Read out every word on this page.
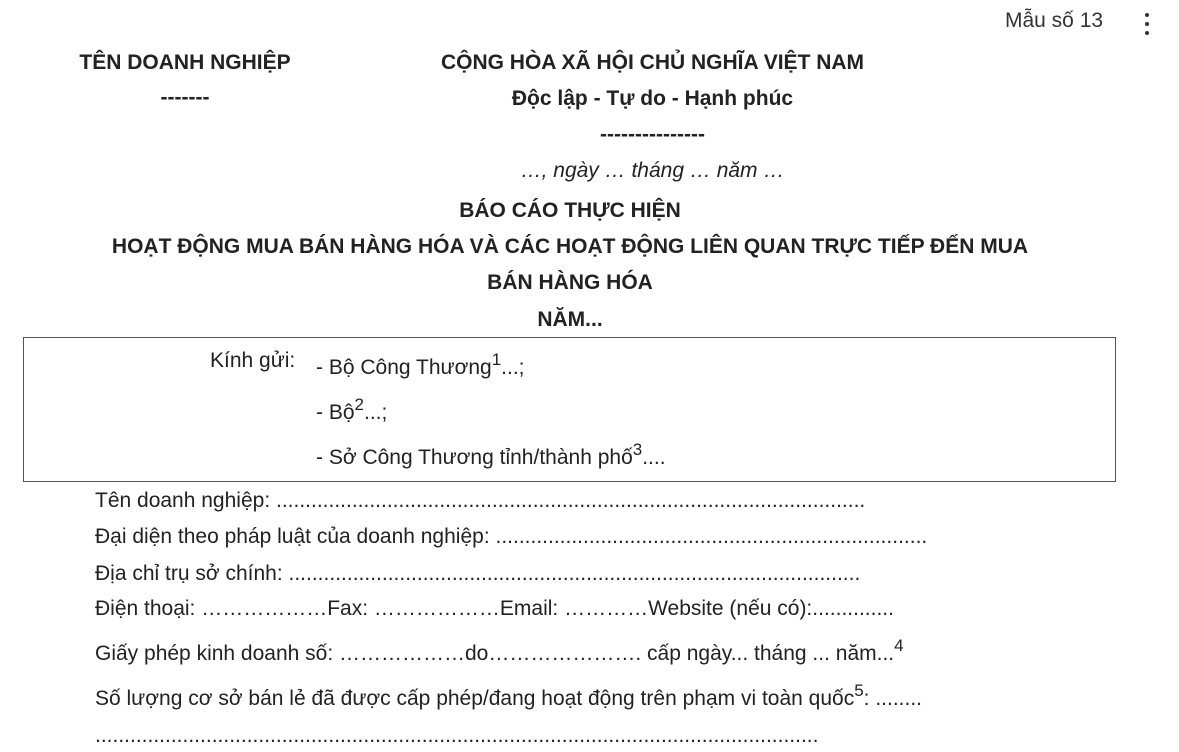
Mẫu số 13
TÊN DOANH NGHIỆP
-------
CỘNG HÒA XÃ HỘI CHỦ NGHĨA VIỆT NAM
Độc lập - Tự do - Hạnh phúc
---------------
…, ngày … tháng … năm …
BÁO CÁO THỰC HIỆN
HOẠT ĐỘNG MUA BÁN HÀNG HÓA VÀ CÁC HOẠT ĐỘNG LIÊN QUAN TRỰC TIẾP ĐẾN MUA
BÁN HÀNG HÓA
NĂM...
Kính gửi: - Bộ Công Thương$^1$...;
- Bộ$^2$...;
- Sở Công Thương tỉnh/thành phố$^3$....
Tên doanh nghiệp: .....................................................................................................
Đại diện theo pháp luật của doanh nghiệp: ..........................................................................
Địa chỉ trụ sở chính: ..................................................................................................
Điện thoại: ………………Fax: ………………Email: …………Website (nếu có):..............
Giấy phép kinh doanh số: ………………do…………………. cấp ngày... tháng ... năm...$^4$
Số lượng cơ sở bán lẻ đã được cấp phép/đang hoạt động trên phạm vi toàn quốc$^5$: ........
............................................................................................................................
